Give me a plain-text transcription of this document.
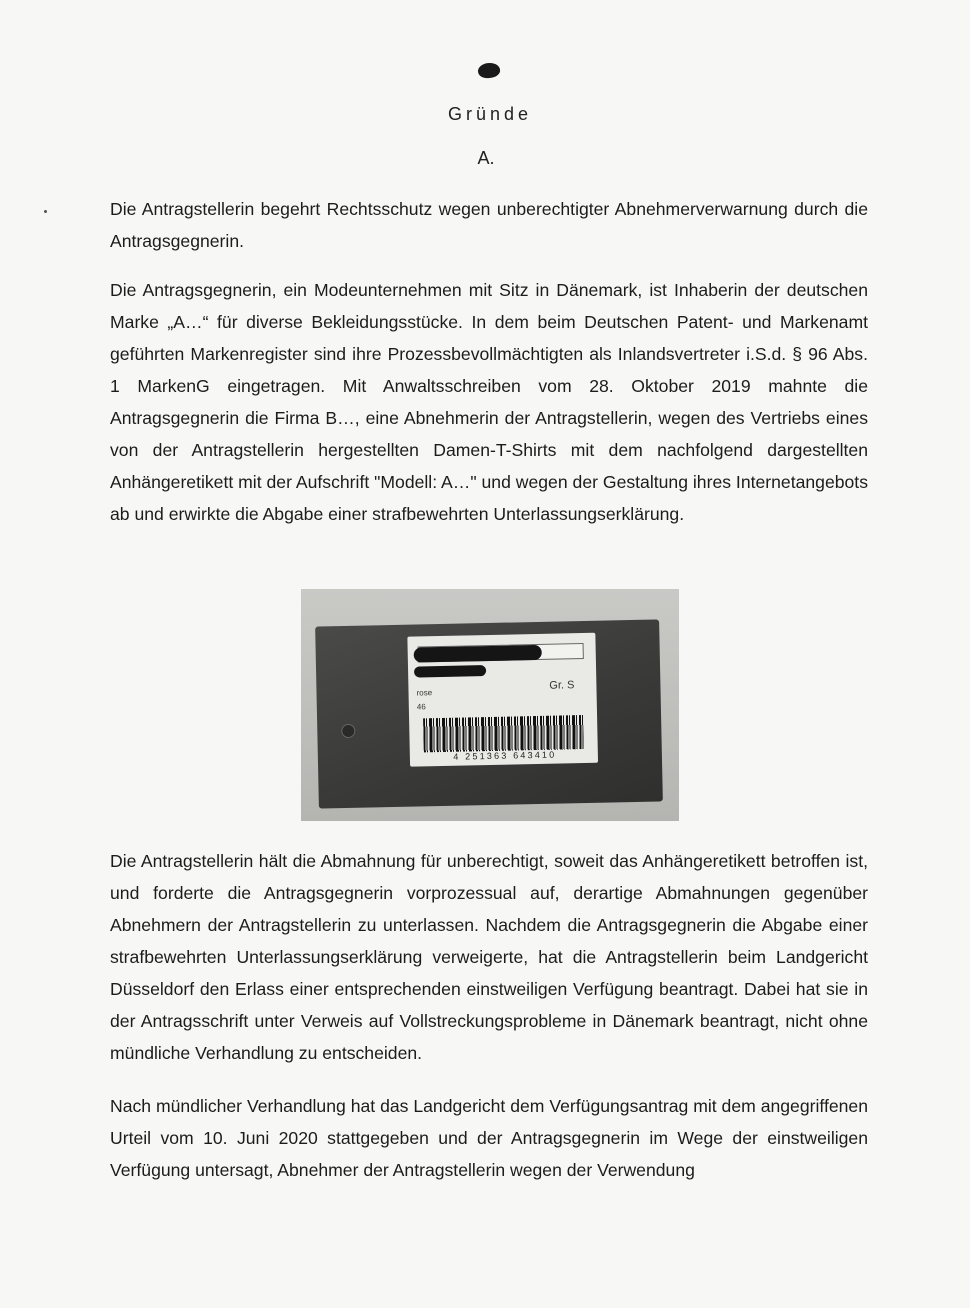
Gründe
A.

Die Antragstellerin begehrt Rechtsschutz wegen unberechtigter Abnehmerverwarnung durch die Antragsgegnerin.

Die Antragsgegnerin, ein Modeunternehmen mit Sitz in Dänemark, ist Inhaberin der deutschen Marke „A…“ für diverse Bekleidungsstücke. In dem beim Deutschen Patent- und Markenamt geführten Markenregister sind ihre Prozessbevollmächtigten als Inlandsvertreter i.S.d. § 96 Abs. 1 MarkenG eingetragen. Mit Anwaltsschreiben vom 28. Oktober 2019 mahnte die Antragsgegnerin die Firma B…, eine Abnehmerin der Antragstellerin, wegen des Vertriebs eines von der Antragstellerin hergestellten Damen-T-Shirts mit dem nachfolgend dargestellten Anhängeretikett mit der Aufschrift "Modell: A…" und wegen der Gestaltung ihres Internetangebots ab und erwirkte die Abgabe einer strafbewehrten Unterlassungserklärung.

rose
46
Gr. S
4 251363 643410

Die Antragstellerin hält die Abmahnung für unberechtigt, soweit das Anhängeretikett betroffen ist, und forderte die Antragsgegnerin vorprozessual auf, derartige Abmahnungen gegenüber Abnehmern der Antragstellerin zu unterlassen. Nachdem die Antragsgegnerin die Abgabe einer strafbewehrten Unterlassungserklärung verweigerte, hat die Antragstellerin beim Landgericht Düsseldorf den Erlass einer entsprechenden einstweiligen Verfügung beantragt. Dabei hat sie in der Antragsschrift unter Verweis auf Vollstreckungsprobleme in Dänemark beantragt, nicht ohne mündliche Verhandlung zu entscheiden.

Nach mündlicher Verhandlung hat das Landgericht dem Verfügungsantrag mit dem angegriffenen Urteil vom 10. Juni 2020 stattgegeben und der Antragsgegnerin im Wege der einstweiligen Verfügung untersagt, Abnehmer der Antragstellerin wegen der Verwendung
